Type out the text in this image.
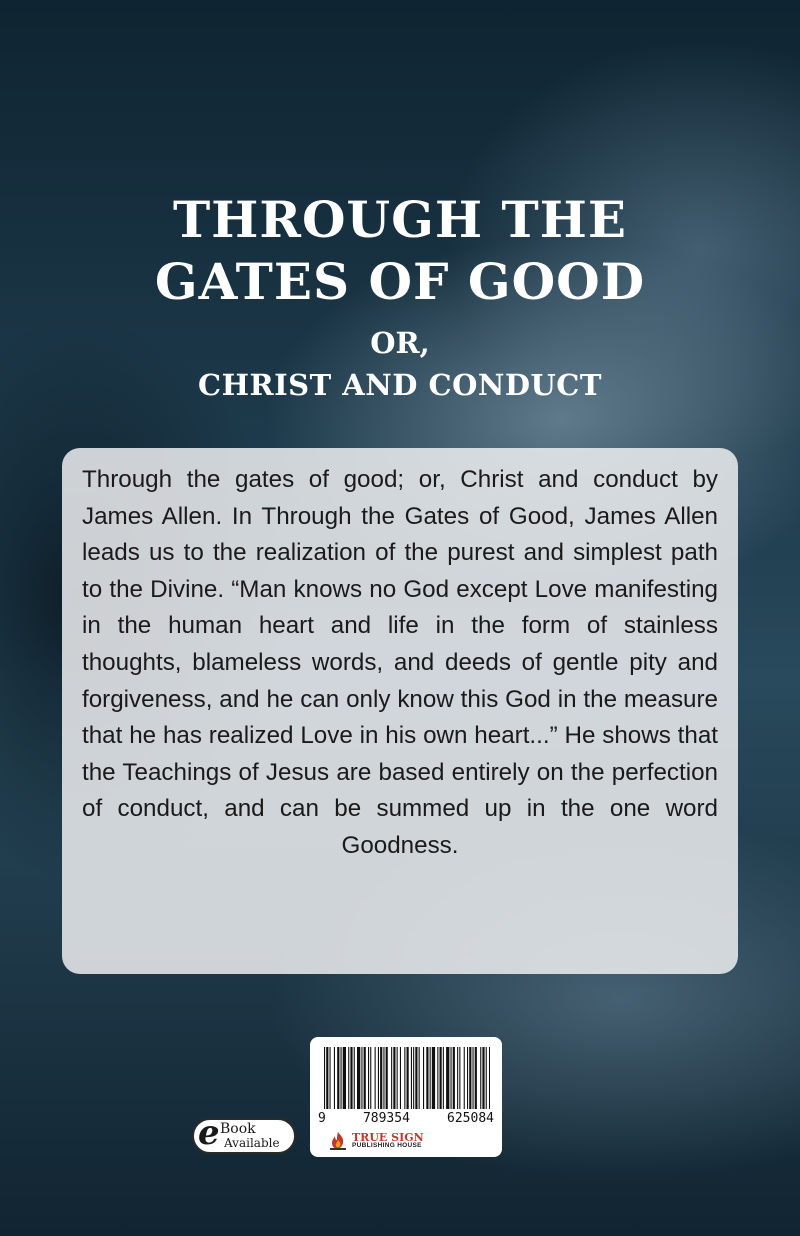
THROUGH THE
GATES OF GOOD
OR,
CHRIST AND CONDUCT

Through the gates of good; or, Christ and conduct by James Allen. In Through the Gates of Good, James Allen leads us to the realization of the purest and simplest path to the Divine. “Man knows no God except Love manifesting in the human heart and life in the form of stainless thoughts, blameless words, and deeds of gentle pity and forgiveness, and he can only know this God in the measure that he has realized Love in his own heart...” He shows that the Teachings of Jesus are based entirely on the perfection of conduct, and can be summed up in the one word Goodness.

9	789354	625084
TRUE SIGN
PUBLISHING HOUSE
e Book
Available
